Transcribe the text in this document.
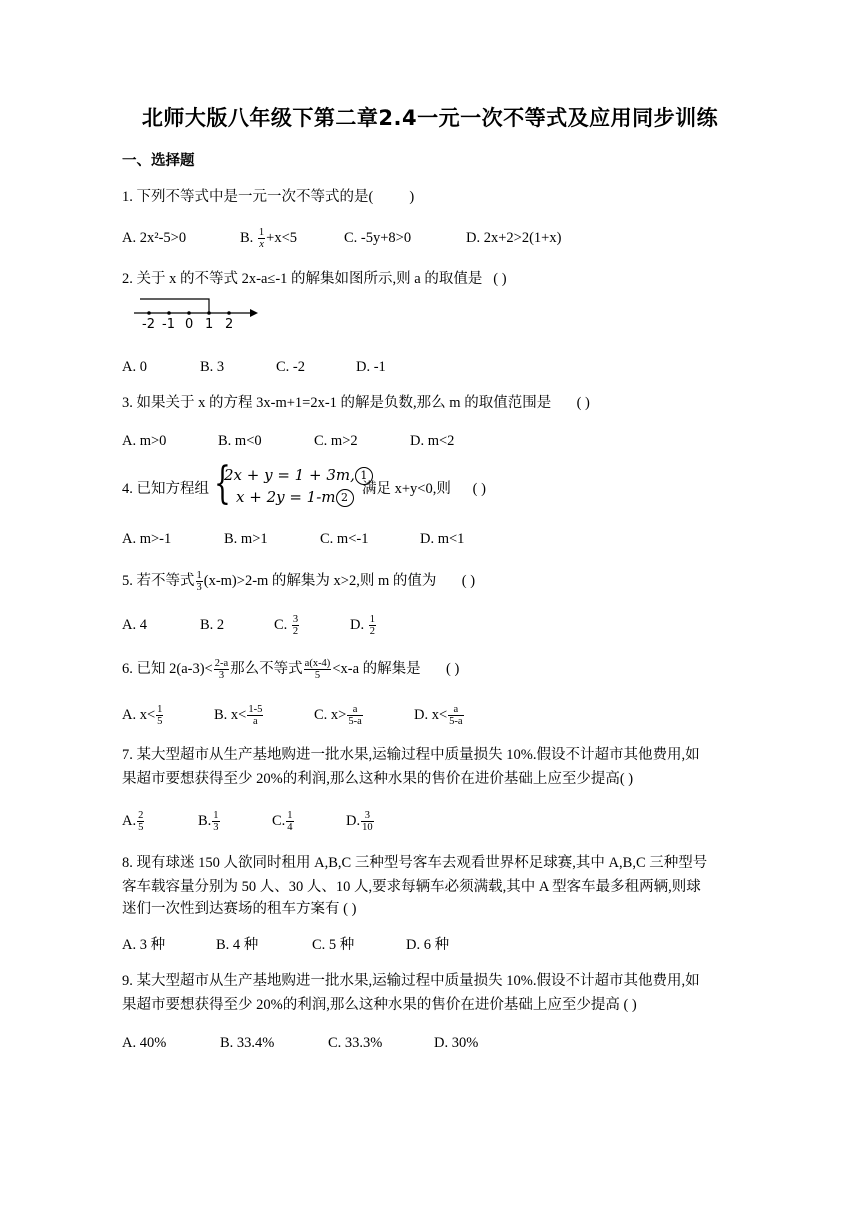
北师大版八年级下第二章2.4一元一次不等式及应用同步训练
一、选择题
1. 下列不等式中是一元一次不等式的是( )
A. 2x²-5>0	B. $\frac{1}{x} +x<5$	C. -5y+8>0	D. 2x+2>2(1+x)
2. 关于 x 的不等式 2x-a≤-1 的解集如图所示,则 a 的取值是 ( )
-2 -1 0 1 2
A. 0	B. 3	C. -2	D. -1
3. 如果关于 x 的方程 3x-m+1=2x-1 的解是负数,那么 m 的取值范围是 ( )
A. m>0	B. m<0	C. m>2	D. m<2
4. 已知方程组 {
2x + y = 1 + 3m, 1
x + 2y = 1-m 2
满足 x+y<0,则 ( )
A. m>-1	B. m>1	C. m<-1	D. m<1
5. 若不等式 $\frac{1}{3} (x-m)>2-m$ 的解集为 x>2,则 m 的值为 ( )
A. 4	B. 2	C. $\frac{3}{2}$	D. $\frac{1}{2}$
6. 已知 $2(a-3)< \frac{2-a}{3}$ 那么不等式 $\frac{a(x-4)}{5} <x-a$ 的解集是 ( )
A. $x< \frac{1}{5}$	B. $x< \frac{1-5}{a}$	C. $x> \frac{a}{5-a}$	D. $x< \frac{a}{5-a}$
7. 某大型超市从生产基地购进一批水果,运输过程中质量损失 10%.假设不计超市其他费用,如
果超市要想获得至少 20%的利润,那么这种水果的售价在进价基础上应至少提高( )
A. $\frac{2}{5}$	B. $\frac{1}{3}$	C. $\frac{1}{4}$	D. $\frac{3}{10}$
8. 现有球迷 150 人欲同时租用 A,B,C 三种型号客车去观看世界杯足球赛,其中 A,B,C 三种型号
客车载容量分别为 50 人、30 人、10 人,要求每辆车必须满载,其中 A 型客车最多租两辆,则球
迷们一次性到达赛场的租车方案有 ( )
A. 3 种	B. 4 种	C. 5 种	D. 6 种
9. 某大型超市从生产基地购进一批水果,运输过程中质量损失 10%.假设不计超市其他费用,如
果超市要想获得至少 20%的利润,那么这种水果的售价在进价基础上应至少提高 ( )
A. 40%	B. 33.4%	C. 33.3%	D. 30%
